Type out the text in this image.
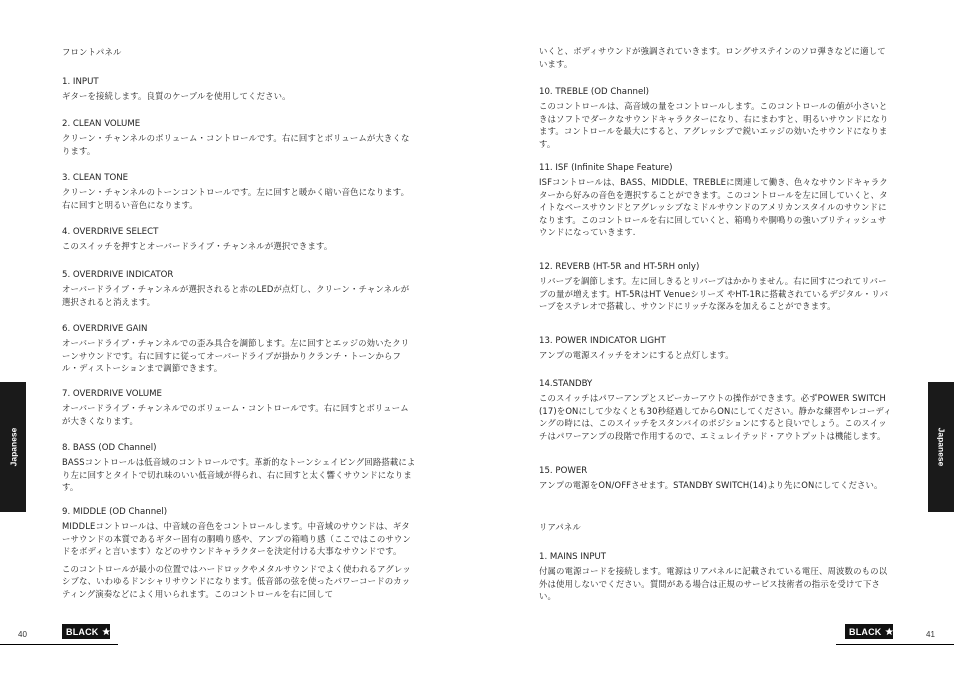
フロントパネル

1. INPUT

ギターを接続します。良質のケーブルを使用してください。

2. CLEAN VOLUME

クリーン・チャンネルのボリューム・コントロールです。右に回すとボリュームが大きくなります。

3. CLEAN TONE

クリーン・チャンネルのトーンコントロールです。左に回すと暖かく暗い音色になります。右に回すと明るい音色になります。

4. OVERDRIVE SELECT

このスイッチを押すとオーバードライブ・チャンネルが選択できます。

5. OVERDRIVE INDICATOR

オーバードライブ・チャンネルが選択されると赤のLEDが点灯し、クリーン・チャンネルが選択されると消えます。

6. OVERDRIVE GAIN

オーバードライブ・チャンネルでの歪み具合を調節します。左に回すとエッジの効いたクリーンサウンドです。右に回すに従ってオーバードライブが掛かりクランチ・トーンからフル・ディストーションまで調節できます。

7. OVERDRIVE VOLUME

オーバードライブ・チャンネルでのボリューム・コントロールです。右に回すとボリュームが大きくなります。

8. BASS (OD Channel)

BASSコントロールは低音域のコントロールです。革新的なトーンシェイピング回路搭載により左に回すとタイトで切れ味のいい低音域が得られ、右に回すと太く響くサウンドになります。

9. MIDDLE (OD Channel)

MIDDLEコントロールは、中音域の音色をコントロールします。中音域のサウンドは、ギターサウンドの本質であるギター固有の胴鳴り感や、アンプの箱鳴り感（ここではこのサウンドをボディと言います）などのサウンドキャラクターを決定付ける大事なサウンドです。

このコントロールが最小の位置ではハードロックやメタルサウンドでよく使われるアグレッシブな、いわゆるドンシャリサウンドになります。低音部の弦を使ったパワーコードのカッティング演奏などによく用いられます。このコントロールを右に回して

Japanese
40	BLACK

いくと、ボディサウンドが強調されていきます。ロングサステインのソロ弾きなどに適しています。

10. TREBLE (OD Channel)

このコントロールは、高音域の量をコントロールします。このコントロールの値が小さいときはソフトでダークなサウンドキャラクターになり、右にまわすと、明るいサウンドになります。コントロールを最大にすると、アグレッシブで鋭いエッジの効いたサウンドになります。

11. ISF (Infinite Shape Feature)

ISFコントロールは、BASS、MIDDLE、TREBLEに関連して働き、色々なサウンドキャラクターから好みの音色を選択することができます。このコントロールを左に回していくと、タイトなベースサウンドとアグレッシブなミドルサウンドのアメリカンスタイルのサウンドになります。このコントロールを右に回していくと、箱鳴りや胴鳴りの強いブリティッシュサウンドになっていきます.

12. REVERB (HT-5R and HT-5RH only)

リバーブを調節します。左に回しきるとリバーブはかかりません。右に回すにつれてリバーブの量が増えます。HT-5RはHT Venueシリーズ やHT-1Rに搭載されているデジタル・リバーブをステレオで搭載し、サウンドにリッチな深みを加えることができます。

13. POWER INDICATOR LIGHT

アンプの電源スイッチをオンにすると点灯します。

14.STANDBY

このスイッチはパワーアンプとスピーカーアウトの操作ができます。必ずPOWER SWITCH (17)をONにして少なくとも30秒経過してからONにしてください。静かな練習やレコーディングの時には、このスイッチをスタンバイのポジションにすると良いでしょう。このスイッチはパワーアンプの段階で作用するので、エミュレイテッド・アウトプットは機能します。

15. POWER

アンプの電源をON/OFFさせます。STANDBY SWITCH(14)より先にONにしてください。

リアパネル

1. MAINS INPUT

付属の電源コードを接続します。電源はリアパネルに記載されている電圧、周波数のもの以外は使用しないでください。質問がある場合は正規のサービス技術者の指示を受けて下さい。

Japanese
41
BLACK
